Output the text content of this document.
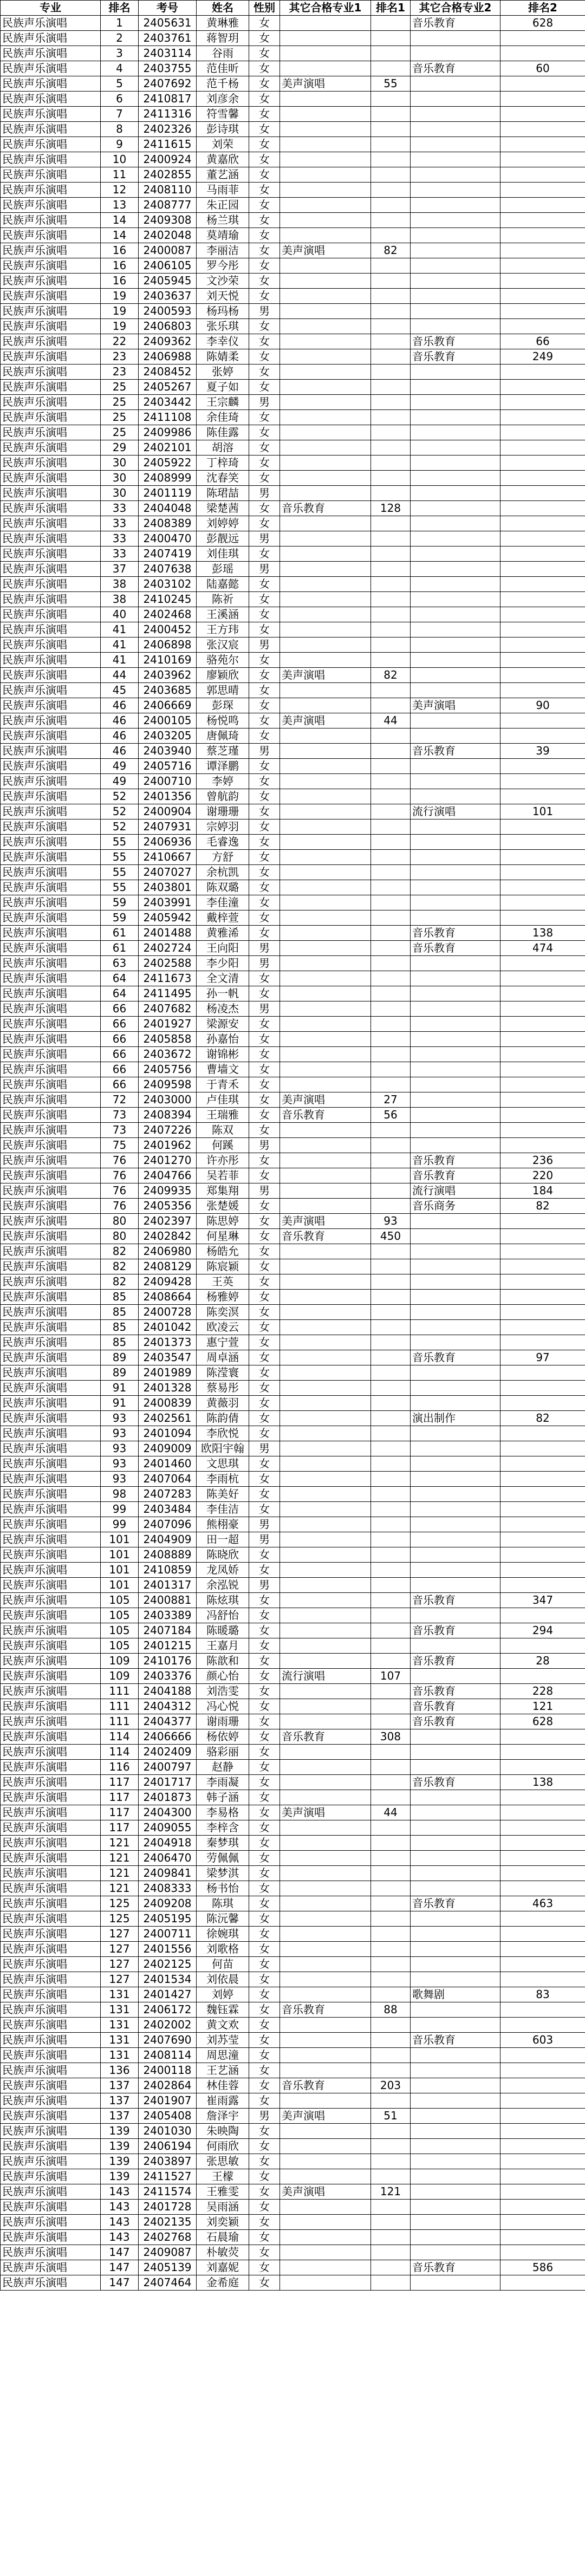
专业	排名	考号	姓名	性别	其它合格专业1	排名1	其它合格专业2	排名2
民族声乐演唱	1	2405631	黄琳雅	女			音乐教育	628
民族声乐演唱	2	2403761	蒋智玥	女				
民族声乐演唱	3	2403114	谷雨	女				
民族声乐演唱	4	2403755	范佳昕	女			音乐教育	60
民族声乐演唱	5	2407692	范千杨	女	美声演唱	55		
民族声乐演唱	6	2410817	刘彦余	女				
民族声乐演唱	7	2411316	符雪馨	女				
民族声乐演唱	8	2402326	彭诗琪	女				
民族声乐演唱	9	2411615	刘荣	女				
民族声乐演唱	10	2400924	黄嘉欣	女				
民族声乐演唱	11	2402855	董艺涵	女				
民族声乐演唱	12	2408110	马雨菲	女				
民族声乐演唱	13	2408777	朱正园	女				
民族声乐演唱	14	2409308	杨兰琪	女				
民族声乐演唱	14	2402048	莫靖瑜	女				
民族声乐演唱	16	2400087	李丽洁	女	美声演唱	82		
民族声乐演唱	16	2406105	罗今彤	女				
民族声乐演唱	16	2405945	文沙荣	女				
民族声乐演唱	19	2403637	刘天悦	女				
民族声乐演唱	19	2400593	杨玛杨	男				
民族声乐演唱	19	2406803	张乐琪	女				
民族声乐演唱	22	2409362	李幸仪	女			音乐教育	66
民族声乐演唱	23	2406988	陈婧柔	女			音乐教育	249
民族声乐演唱	23	2408452	张婷	女				
民族声乐演唱	25	2405267	夏子如	女				
民族声乐演唱	25	2403442	王宗麟	男				
民族声乐演唱	25	2411108	余佳琦	女				
民族声乐演唱	25	2409986	陈佳露	女				
民族声乐演唱	29	2402101	胡溶	女				
民族声乐演唱	30	2405922	丁梓琦	女				
民族声乐演唱	30	2408999	沈春笑	女				
民族声乐演唱	30	2401119	陈珺喆	男				
民族声乐演唱	33	2404048	梁楚茜	女	音乐教育	128		
民族声乐演唱	33	2408389	刘婷婷	女				
民族声乐演唱	33	2400470	彭靓远	男				
民族声乐演唱	33	2407419	刘佳琪	女				
民族声乐演唱	37	2407638	彭瑶	男				
民族声乐演唱	38	2403102	陆嘉懿	女				
民族声乐演唱	38	2410245	陈祈	女				
民族声乐演唱	40	2402468	王溪涵	女				
民族声乐演唱	41	2400452	王方玮	女				
民族声乐演唱	41	2406898	张汉宸	男				
民族声乐演唱	41	2410169	骆苑尔	女				
民族声乐演唱	44	2403962	廖颖欣	女	美声演唱	82		
民族声乐演唱	45	2403685	郭思晴	女				
民族声乐演唱	46	2406669	彭琛	女			美声演唱	90
民族声乐演唱	46	2400105	杨悦鸣	女	美声演唱	44		
民族声乐演唱	46	2403205	唐佩琦	女				
民族声乐演唱	46	2403940	蔡芝瑾	男			音乐教育	39
民族声乐演唱	49	2405716	谭泽鹏	女				
民族声乐演唱	49	2400710	李婷	女				
民族声乐演唱	52	2401356	曾航韵	女				
民族声乐演唱	52	2400904	谢珊珊	女			流行演唱	101
民族声乐演唱	52	2407931	宗婷羽	女				
民族声乐演唱	55	2406936	毛睿逸	女				
民族声乐演唱	55	2410667	方舒	女				
民族声乐演唱	55	2407027	余杭凯	女				
民族声乐演唱	55	2403801	陈双璐	女				
民族声乐演唱	59	2403991	李佳潼	女				
民族声乐演唱	59	2405942	戴梓萱	女				
民族声乐演唱	61	2401488	黄雅浠	女			音乐教育	138
民族声乐演唱	61	2402724	王向阳	男			音乐教育	474
民族声乐演唱	63	2402588	李少阳	男				
民族声乐演唱	64	2411673	全文清	女				
民族声乐演唱	64	2411495	孙一帆	女				
民族声乐演唱	66	2407682	杨凌杰	男				
民族声乐演唱	66	2401927	梁源安	女				
民族声乐演唱	66	2405858	孙嘉怡	女				
民族声乐演唱	66	2403672	谢锦彬	女				
民族声乐演唱	66	2405756	曹墙文	女				
民族声乐演唱	66	2409598	于青禾	女				
民族声乐演唱	72	2403000	卢佳琪	女	美声演唱	27		
民族声乐演唱	73	2408394	王瑞雅	女	音乐教育	56		
民族声乐演唱	73	2407226	陈双	女				
民族声乐演唱	75	2401962	何蹊	男				
民族声乐演唱	76	2401270	许亦彤	女			音乐教育	236
民族声乐演唱	76	2404766	吴若菲	女			音乐教育	220
民族声乐演唱	76	2409935	郑集翔	男			流行演唱	184
民族声乐演唱	76	2405356	张楚媛	女			音乐商务	82
民族声乐演唱	80	2402397	陈思婷	女	美声演唱	93		
民族声乐演唱	80	2402842	何星琳	女	音乐教育	450		
民族声乐演唱	82	2406980	杨皓允	女				
民族声乐演唱	82	2408129	陈宸颖	女				
民族声乐演唱	82	2409428	王英	女				
民族声乐演唱	85	2408664	杨雅婷	女				
民族声乐演唱	85	2400728	陈奕溟	女				
民族声乐演唱	85	2401042	欧凌云	女				
民族声乐演唱	85	2401373	惠宁萱	女				
民族声乐演唱	89	2403547	周卓涵	女			音乐教育	97
民族声乐演唱	89	2401989	陈滢寰	女				
民族声乐演唱	91	2401328	蔡易彤	女				
民族声乐演唱	91	2400839	黄薇羽	女				
民族声乐演唱	93	2402561	陈韵倩	女			演出制作	82
民族声乐演唱	93	2401094	李欣悦	女				
民族声乐演唱	93	2409009	欧阳宇翰	男				
民族声乐演唱	93	2401460	文思琪	女				
民族声乐演唱	93	2407064	李雨杭	女				
民族声乐演唱	98	2407283	陈美好	女				
民族声乐演唱	99	2403484	李佳洁	女				
民族声乐演唱	99	2407096	熊栩豪	男				
民族声乐演唱	101	2404909	田一超	男				
民族声乐演唱	101	2408889	陈晓欣	女				
民族声乐演唱	101	2410859	龙凤娇	女				
民族声乐演唱	101	2401317	余泓锐	男				
民族声乐演唱	105	2400881	陈炫琪	女			音乐教育	347
民族声乐演唱	105	2403389	冯舒怡	女				
民族声乐演唱	105	2407184	陈暖璐	女			音乐教育	294
民族声乐演唱	105	2401215	王嘉月	女				
民族声乐演唱	109	2410176	陈歆和	女			音乐教育	28
民族声乐演唱	109	2403376	颜心怡	女	流行演唱	107		
民族声乐演唱	111	2404188	刘浩雯	女			音乐教育	228
民族声乐演唱	111	2404312	冯心悦	女			音乐教育	121
民族声乐演唱	111	2404377	谢雨珊	女			音乐教育	628
民族声乐演唱	114	2406666	杨依婷	女	音乐教育	308		
民族声乐演唱	114	2402409	骆彩丽	女				
民族声乐演唱	116	2400797	赵静	女				
民族声乐演唱	117	2401717	李雨凝	女			音乐教育	138
民族声乐演唱	117	2401873	韩子涵	女				
民族声乐演唱	117	2404300	李易格	女	美声演唱	44		
民族声乐演唱	117	2409055	李梓含	女				
民族声乐演唱	121	2404918	秦梦琪	女				
民族声乐演唱	121	2406470	劳佩佩	女				
民族声乐演唱	121	2409841	梁梦淇	女				
民族声乐演唱	121	2408333	杨书怡	女				
民族声乐演唱	125	2409208	陈琪	女			音乐教育	463
民族声乐演唱	125	2405195	陈沅馨	女				
民族声乐演唱	127	2400711	徐婉琪	女				
民族声乐演唱	127	2401556	刘歌格	女				
民族声乐演唱	127	2402125	何苗	女				
民族声乐演唱	127	2401534	刘依晨	女				
民族声乐演唱	131	2401427	刘婷	女			歌舞剧	83
民族声乐演唱	131	2406172	魏钰霖	女	音乐教育	88		
民族声乐演唱	131	2402002	黄文欢	女				
民族声乐演唱	131	2407690	刘苏莹	女			音乐教育	603
民族声乐演唱	131	2408114	周思潼	女				
民族声乐演唱	136	2400118	王艺涵	女				
民族声乐演唱	137	2402864	林佳蓉	女	音乐教育	203		
民族声乐演唱	137	2401907	崔雨露	女				
民族声乐演唱	137	2405408	詹泽宇	男	美声演唱	51		
民族声乐演唱	139	2401030	朱映陶	女				
民族声乐演唱	139	2406194	何雨欣	女				
民族声乐演唱	139	2403897	张思敏	女				
民族声乐演唱	139	2411527	王檬	女				
民族声乐演唱	143	2411574	王雅雯	女	美声演唱	121		
民族声乐演唱	143	2401728	吴雨涵	女				
民族声乐演唱	143	2402135	刘奕颖	女				
民族声乐演唱	143	2402768	石晨瑜	女				
民族声乐演唱	147	2409087	朴敏荧	女				
民族声乐演唱	147	2405139	刘嘉妮	女			音乐教育	586
民族声乐演唱	147	2407464	金希庭	女				
